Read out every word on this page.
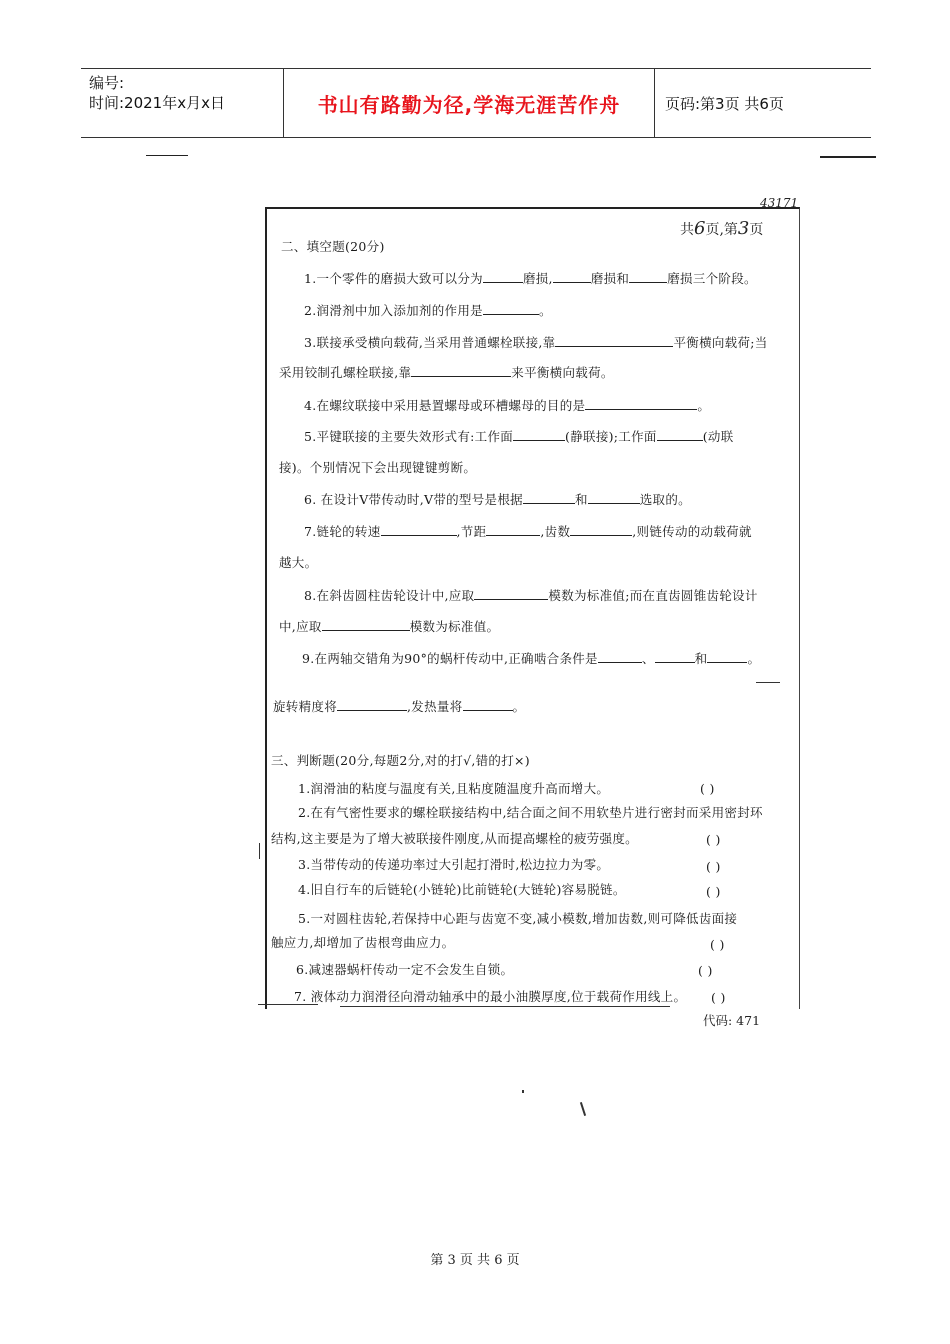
编号:
时间:2021年x月x日	书山有路勤为径,学海无涯苦作舟	页码:第3页 共6页
43171
共6页,第3页
二、填空题(20分)
1.一个零件的磨损大致可以分为	磨损,	磨损和	磨损三个阶段。
2.润滑剂中加入添加剂的作用是	。
3.联接承受横向载荷,当采用普通螺栓联接,靠	平衡横向载荷;当
采用铰制孔螺栓联接,靠	来平衡横向载荷。
4.在螺纹联接中采用悬置螺母或环槽螺母的目的是	。
5.平键联接的主要失效形式有:工作面	(静联接);工作面	(动联
接)。个别情况下会出现键键剪断。
6. 在设计V带传动时,V带的型号是根据	和	选取的。
7.链轮的转速	,节距	,齿数	,则链传动的动载荷就
越大。
8.在斜齿圆柱齿轮设计中,应取	模数为标准值;而在直齿圆锥齿轮设计
中,应取	模数为标准值。
9.在两轴交错角为90°的蜗杆传动中,正确啮合条件是	、	和	。
旋转精度将	,发热量将	。
三、判断题(20分,每题2分,对的打√,错的打×)
1.润滑油的粘度与温度有关,且粘度随温度升高而增大。	( )
2.在有气密性要求的螺栓联接结构中,结合面之间不用软垫片进行密封而采用密封环
结构,这主要是为了增大被联接件刚度,从而提高螺栓的疲劳强度。	( )
3.当带传动的传递功率过大引起打滑时,松边拉力为零。	( )
4.旧自行车的后链轮(小链轮)比前链轮(大链轮)容易脱链。	( )
5.一对圆柱齿轮,若保持中心距与齿宽不变,减小模数,增加齿数,则可降低齿面接
触应力,却增加了齿根弯曲应力。	( )
6.减速器蜗杆传动一定不会发生自锁。	( )
7. 液体动力润滑径向滑动轴承中的最小油膜厚度,位于载荷作用线上。 ( )
代码: 471
第 3 页 共 6 页
